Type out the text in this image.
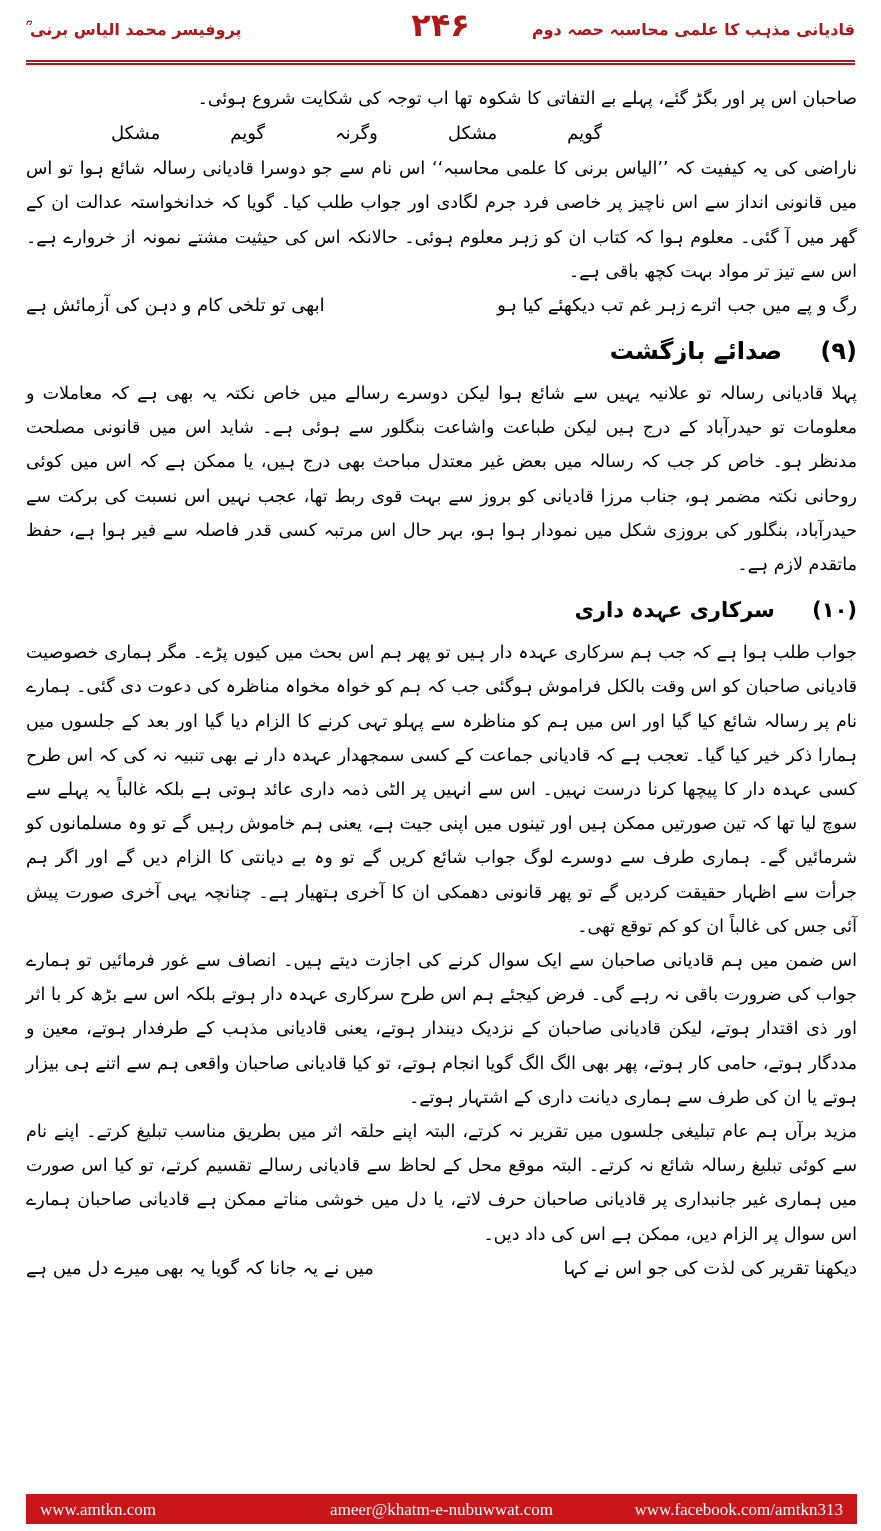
قادیانی مذہب کا علمی محاسبہ حصہ دوم
۲۴۶
پروفیسر محمد الیاس برنی ؒ

صاحبان اس پر اور بگڑ گئے، پہلے بے التفاتی کا شکوہ تھا اب توجہ کی شکایت شروع ہوئی۔

گویم
مشکل
وگرنہ
گویم
مشکل

ناراضی کی یہ کیفیت کہ ’’الیاس برنی کا علمی محاسبہ‘‘ اس نام سے جو دوسرا قادیانی رسالہ شائع ہوا تو اس میں قانونی انداز سے اس ناچیز پر خاصی فرد جرم لگادی اور جواب طلب کیا۔ گویا کہ خدانخواستہ عدالت ان کے گھر میں آ گئی۔ معلوم ہوا کہ کتاب ان کو زہر معلوم ہوئی۔ حالانکہ اس کی حیثیت مشتے نمونہ از خروارے ہے۔ اس سے تیز تر مواد بہت کچھ باقی ہے۔

رگ و پے میں جب اترے زہر غم تب دیکھئے کیا ہو
ابھی تو تلخی کام و دہن کی آزمائش ہے
(۹) صدائے بازگشت

پہلا قادیانی رسالہ تو علانیہ یہیں سے شائع ہوا لیکن دوسرے رسالے میں خاص نکتہ یہ بھی ہے کہ معاملات و معلومات تو حیدرآباد کے درج ہیں لیکن طباعت واشاعت بنگلور سے ہوئی ہے۔ شاید اس میں قانونی مصلحت مدنظر ہو۔ خاص کر جب کہ رسالہ میں بعض غیر معتدل مباحث بھی درج ہیں، یا ممکن ہے کہ اس میں کوئی روحانی نکتہ مضمر ہو، جناب مرزا قادیانی کو بروز سے بہت قوی ربط تھا، عجب نہیں اس نسبت کی برکت سے حیدرآباد، بنگلور کی بروزی شکل میں نمودار ہوا ہو، بہر حال اس مرتبہ کسی قدر فاصلہ سے فیر ہوا ہے، حفظ ماتقدم لازم ہے۔

(۱۰) سرکاری عہدہ داری

جواب طلب ہوا ہے کہ جب ہم سرکاری عہدہ دار ہیں تو پھر ہم اس بحث میں کیوں پڑے۔ مگر ہماری خصوصیت قادیانی صاحبان کو اس وقت بالکل فراموش ہوگئی جب کہ ہم کو خواہ مخواہ مناظرہ کی دعوت دی گئی۔ ہمارے نام پر رسالہ شائع کیا گیا اور اس میں ہم کو مناظرہ سے پہلو تہی کرنے کا الزام دیا گیا اور بعد کے جلسوں میں ہمارا ذکر خیر کیا گیا۔ تعجب ہے کہ قادیانی جماعت کے کسی سمجھدار عہدہ دار نے بھی تنبیہ نہ کی کہ اس طرح کسی عہدہ دار کا پیچھا کرنا درست نہیں۔ اس سے انہیں پر الٹی ذمہ داری عائد ہوتی ہے بلکہ غالباً یہ پہلے سے سوچ لیا تھا کہ تین صورتیں ممکن ہیں اور تینوں میں اپنی جیت ہے، یعنی ہم خاموش رہیں گے تو وہ مسلمانوں کو شرمائیں گے۔ ہماری طرف سے دوسرے لوگ جواب شائع کریں گے تو وہ بے دیانتی کا الزام دیں گے اور اگر ہم جرأت سے اظہار حقیقت کردیں گے تو پھر قانونی دھمکی ان کا آخری ہتھیار ہے۔ چنانچہ یہی آخری صورت پیش آئی جس کی غالباً ان کو کم توقع تھی۔

اس ضمن میں ہم قادیانی صاحبان سے ایک سوال کرنے کی اجازت دیتے ہیں۔ انصاف سے غور فرمائیں تو ہمارے جواب کی ضرورت باقی نہ رہے گی۔ فرض کیجئے ہم اس طرح سرکاری عہدہ دار ہوتے بلکہ اس سے بڑھ کر با اثر اور ذی اقتدار ہوتے، لیکن قادیانی صاحبان کے نزدیک دیندار ہوتے، یعنی قادیانی مذہب کے طرفدار ہوتے، معین و مددگار ہوتے، حامی کار ہوتے، پھر بھی الگ الگ گویا انجام ہوتے، تو کیا قادیانی صاحبان واقعی ہم سے اتنے ہی بیزار ہوتے یا ان کی طرف سے ہماری دیانت داری کے اشتہار ہوتے۔

مزید برآں ہم عام تبلیغی جلسوں میں تقریر نہ کرتے، البتہ اپنے حلقہ اثر میں بطریق مناسب تبلیغ کرتے۔ اپنے نام سے کوئی تبلیغ رسالہ شائع نہ کرتے۔ البتہ موقع محل کے لحاظ سے قادیانی رسالے تقسیم کرتے، تو کیا اس صورت میں ہماری غیر جانبداری پر قادیانی صاحبان حرف لاتے، یا دل میں خوشی مناتے ممکن ہے قادیانی صاحبان ہمارے اس سوال پر الزام دیں، ممکن ہے اس کی داد دیں۔

دیکھنا تقریر کی لذت کی جو اس نے کہا
میں نے یہ جانا کہ گویا یہ بھی میرے دل میں ہے
www.amtkn.com	ameer@khatm-e-nubuwwat.com	www.facebook.com/amtkn313
